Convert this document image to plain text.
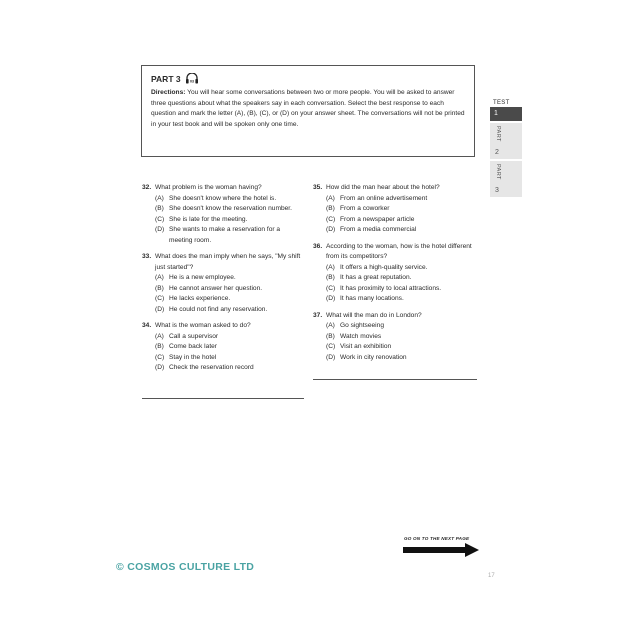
PART 3	03
Directions: You will hear some conversations between two or more people. You will be asked to answer three questions about what the speakers say in each conversation. Select the best response to each question and mark the letter (A), (B), (C), or (D) on your answer sheet. The conversations will not be printed in your test book and will be spoken only one time.
TEST
1
PART
2
PART
3
32. What problem is the woman having?
(A) She doesn't know where the hotel is.
(B) She doesn't know the reservation number.
(C) She is late for the meeting.
(D) She wants to make a reservation for a meeting room.
33. What does the man imply when he says, "My shift just started"?
(A) He is a new employee.
(B) He cannot answer her question.
(C) He lacks experience.
(D) He could not find any reservation.
34. What is the woman asked to do?
(A) Call a supervisor
(B) Come back later
(C) Stay in the hotel
(D) Check the reservation record
35. How did the man hear about the hotel?
(A) From an online advertisement
(B) From a coworker
(C) From a newspaper article
(D) From a media commercial
36. According to the woman, how is the hotel different from its competitors?
(A) It offers a high-quality service.
(B) It has a great reputation.
(C) It has proximity to local attractions.
(D) It has many locations.
37. What will the man do in London?
(A) Go sightseeing
(B) Watch movies
(C) Visit an exhibition
(D) Work in city renovation
GO ON TO THE NEXT PAGE
© COSMOS CULTURE LTD
17
